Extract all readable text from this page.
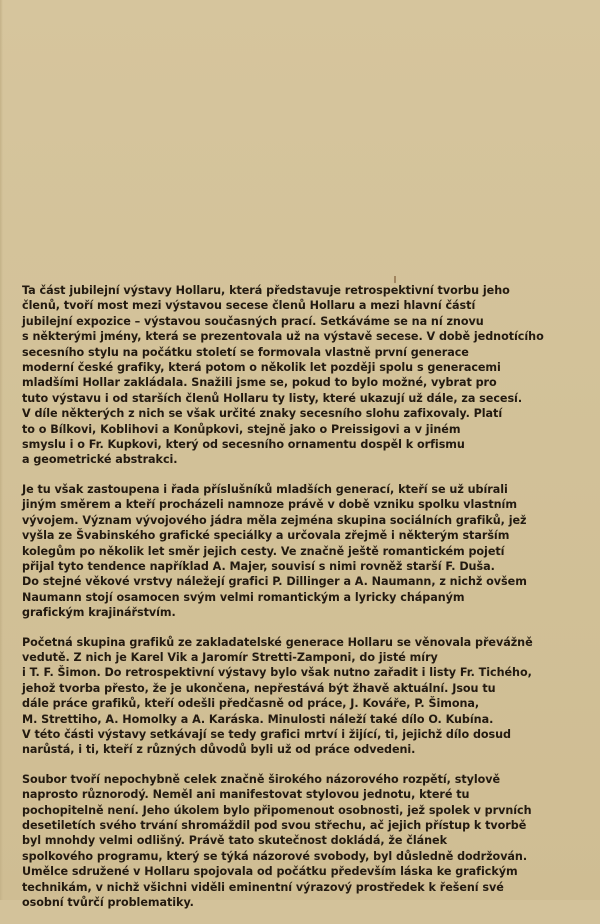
Ta část jubilejní výstavy Hollaru, která představuje retrospektivní tvorbu jeho
členů, tvoří most mezi výstavou secese členů Hollaru a mezi hlavní částí
jubilejní expozice – výstavou současných prací. Setkáváme se na ní znovu
s některými jmény, která se prezentovala už na výstavě secese. V době jednotícího
secesního stylu na počátku století se formovala vlastně první generace
moderní české grafiky, která potom o několik let později spolu s generacemi
mladšími Hollar zakládala. Snažili jsme se, pokud to bylo možné, vybrat pro
tuto výstavu i od starších členů Hollaru ty listy, které ukazují už dále, za secesí.
V díle některých z nich se však určité znaky secesního slohu zafixovaly. Platí
to o Bílkovi, Koblihovi a Konůpkovi, stejně jako o Preissigovi a v jiném
smyslu i o Fr. Kupkovi, který od secesního ornamentu dospěl k orfismu
a geometrické abstrakci.

Je tu však zastoupena i řada příslušníků mladších generací, kteří se už ubírali
jiným směrem a kteří procházeli namnoze právě v době vzniku spolku vlastním
vývojem. Význam vývojového jádra měla zejména skupina sociálních grafiků, jež
vyšla ze Švabinského grafické speciálky a určovala zřejmě i některým starším
kolegům po několik let směr jejich cesty. Ve značně ještě romantickém pojetí
přijal tyto tendence například A. Majer, souvisí s nimi rovněž starší F. Duša.
Do stejné věkové vrstvy náležejí grafici P. Dillinger a A. Naumann, z nichž ovšem
Naumann stojí osamocen svým velmi romantickým a lyricky chápaným
grafickým krajinářstvím.

Početná skupina grafiků ze zakladatelské generace Hollaru se věnovala převážně
vedutě. Z nich je Karel Vik a Jaromír Stretti-Zamponi, do jisté míry
i T. F. Šimon. Do retrospektivní výstavy bylo však nutno zařadit i listy Fr. Tichého,
jehož tvorba přesto, že je ukončena, nepřestává být žhavě aktuální. Jsou tu
dále práce grafiků, kteří odešli předčasně od práce, J. Kováře, P. Šimona,
M. Strettiho, A. Homolky a A. Karáska. Minulosti náleží také dílo O. Kubína.
V této části výstavy setkávají se tedy grafici mrtví i žijící, ti, jejichž dílo dosud
narůstá, i ti, kteří z různých důvodů byli už od práce odvedeni.

Soubor tvoří nepochybně celek značně širokého názorového rozpětí, stylově
naprosto různorodý. Neměl ani manifestovat stylovou jednotu, které tu
pochopitelně není. Jeho úkolem bylo připomenout osobnosti, jež spolek v prvních
desetiletích svého trvání shromáždil pod svou střechu, ač jejich přístup k tvorbě
byl mnohdy velmi odlišný. Právě tato skutečnost dokládá, že článek
spolkového programu, který se týká názorové svobody, byl důsledně dodržován.
Umělce sdružené v Hollaru spojovala od počátku především láska ke grafickým
technikám, v nichž všichni viděli eminentní výrazový prostředek k řešení své
osobní tvůrčí problematiky.
